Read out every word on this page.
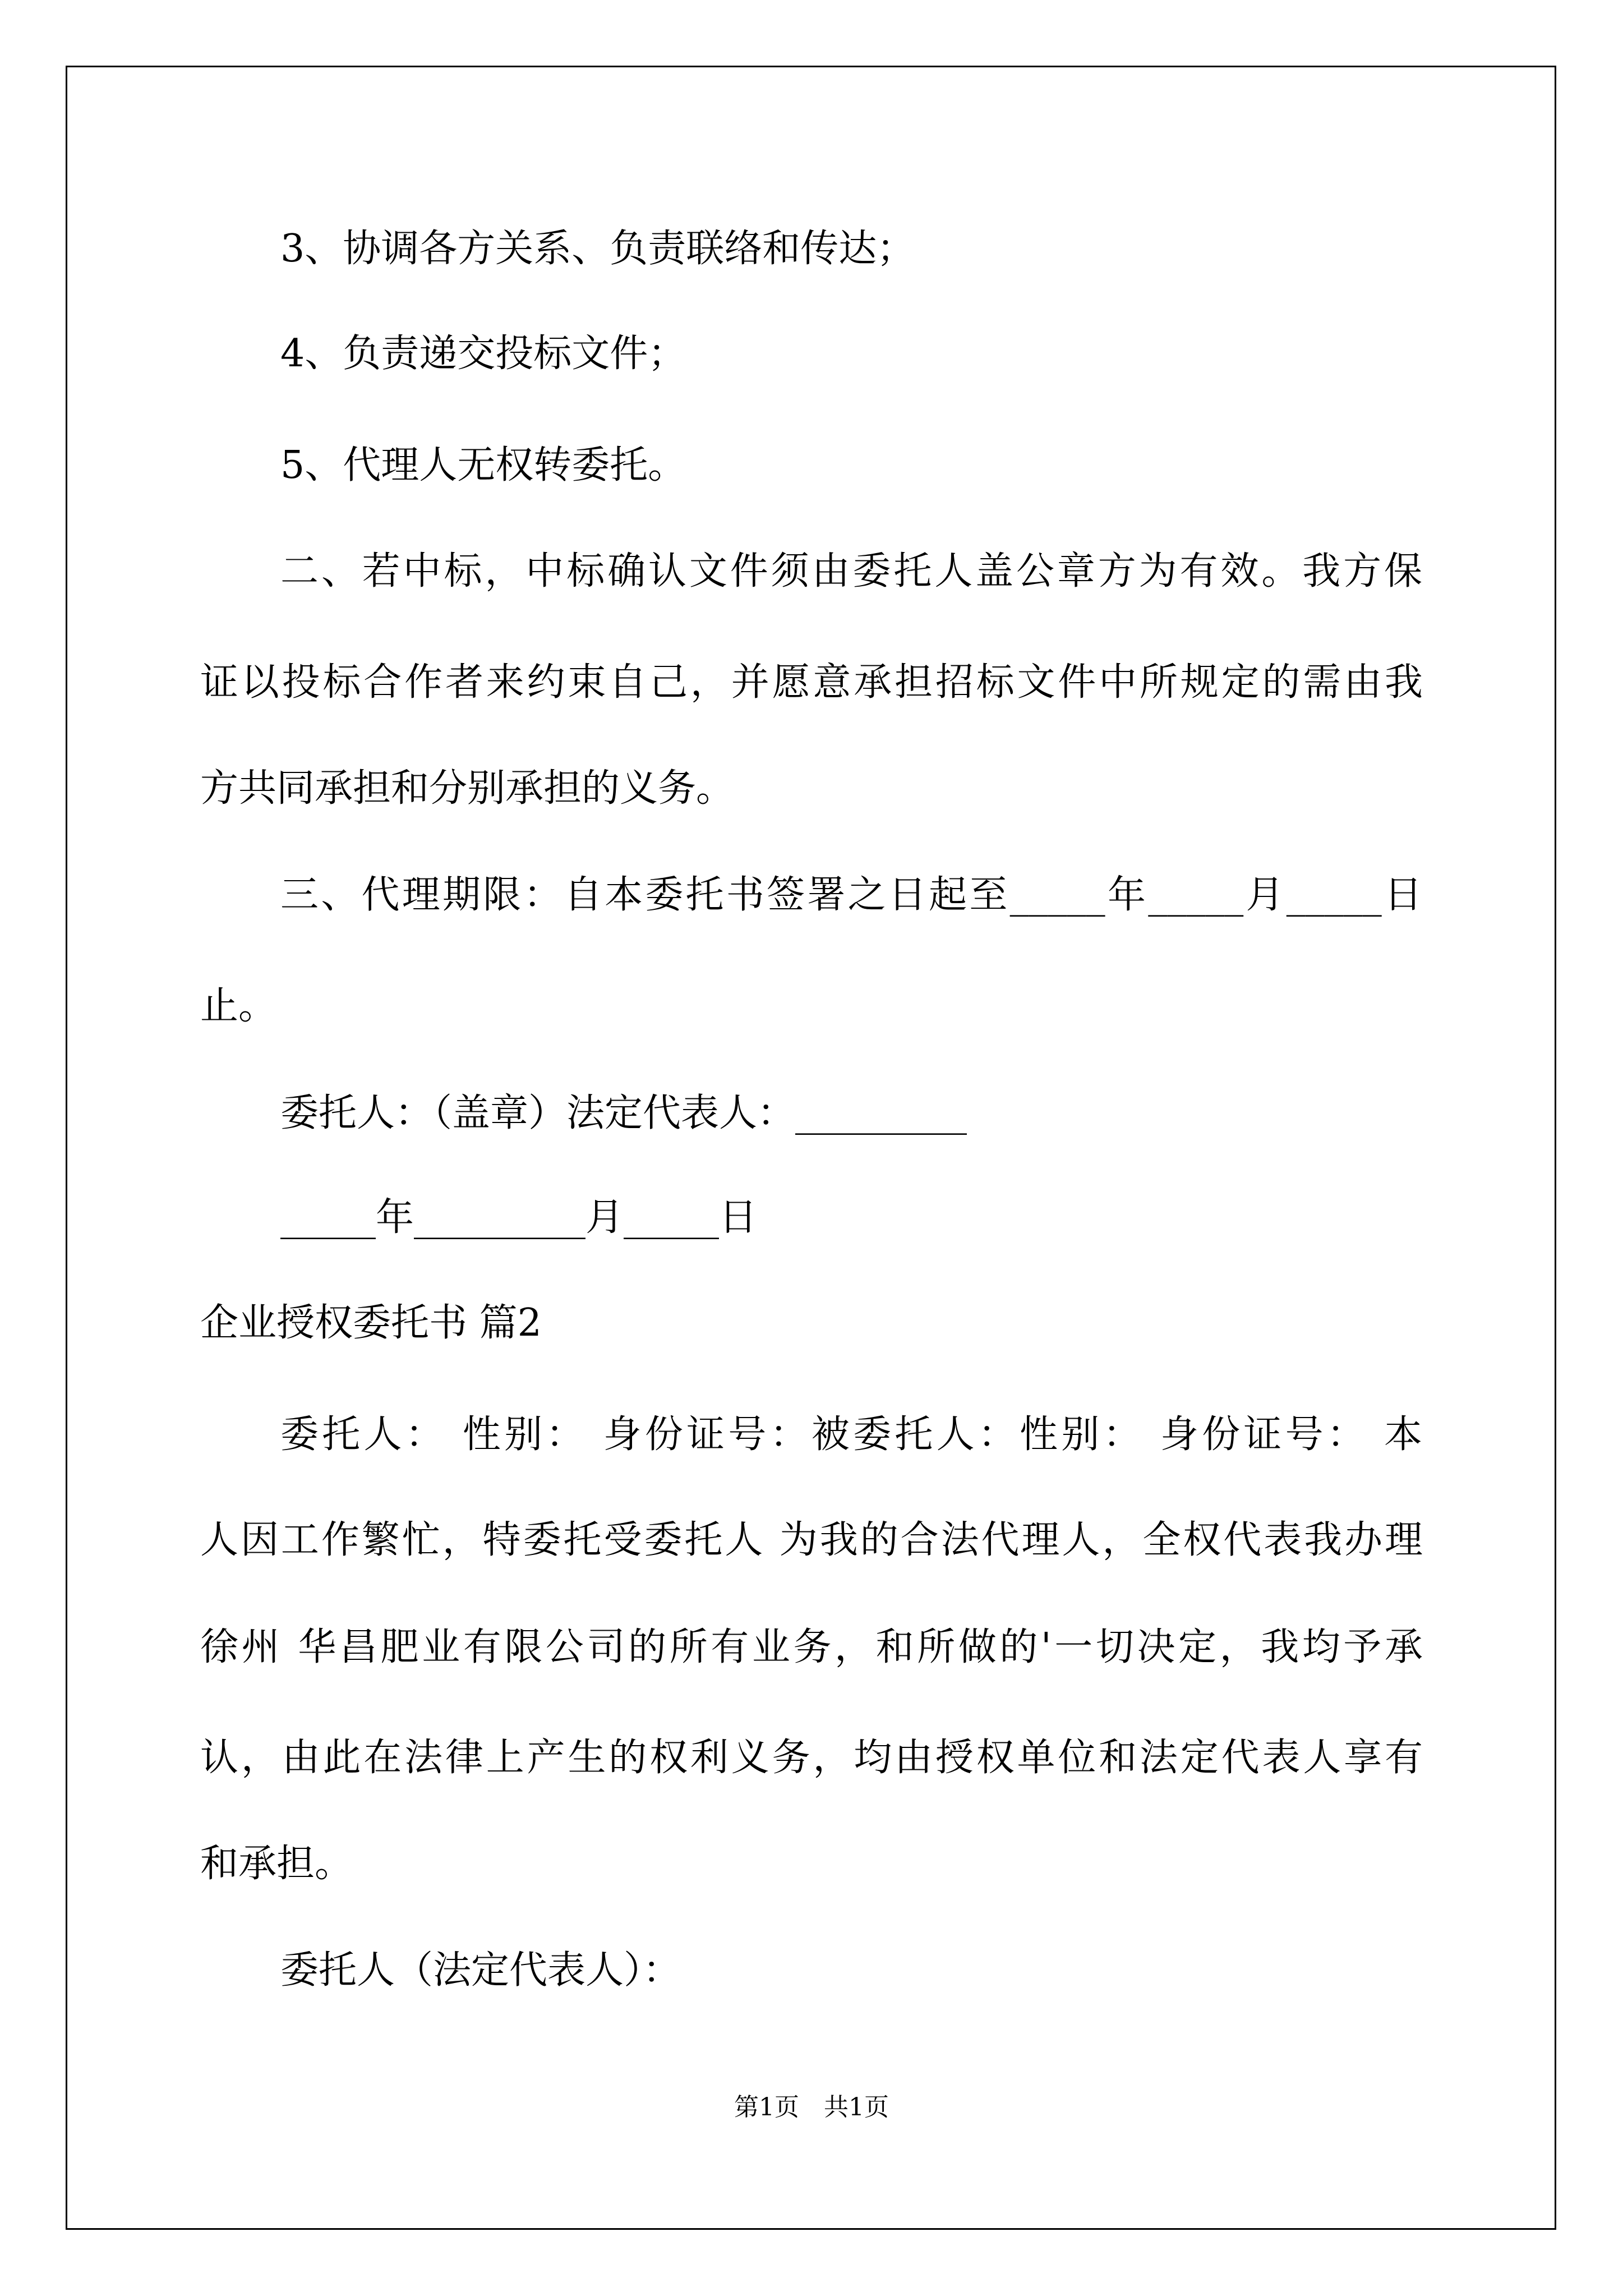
3、协调各方关系、负责联络和传达；
4、负责递交投标文件；
5、代理人无权转委托。
二、若中标，中标确认文件须由委托人盖公章方为有效。我方保
证以投标合作者来约束自己，并愿意承担招标文件中所规定的需由我
方共同承担和分别承担的义务。
三、代理期限：自本委托书签署之日起至_____年_____月_____日
止。
委托人：（盖章）法定代表人：_________
_____年_________月_____日
企业授权委托书 篇2
委托人： 性别： 身份证号：被委托人：性别： 身份证号： 本
人因工作繁忙，特委托受委托人 为我的合法代理人，全权代表我办理
徐州 华昌肥业有限公司的所有业务，和所做的'一切决定，我均予承
认，由此在法律上产生的权利义务，均由授权单位和法定代表人享有
和承担。
委托人（法定代表人）：
第1页　共1页
